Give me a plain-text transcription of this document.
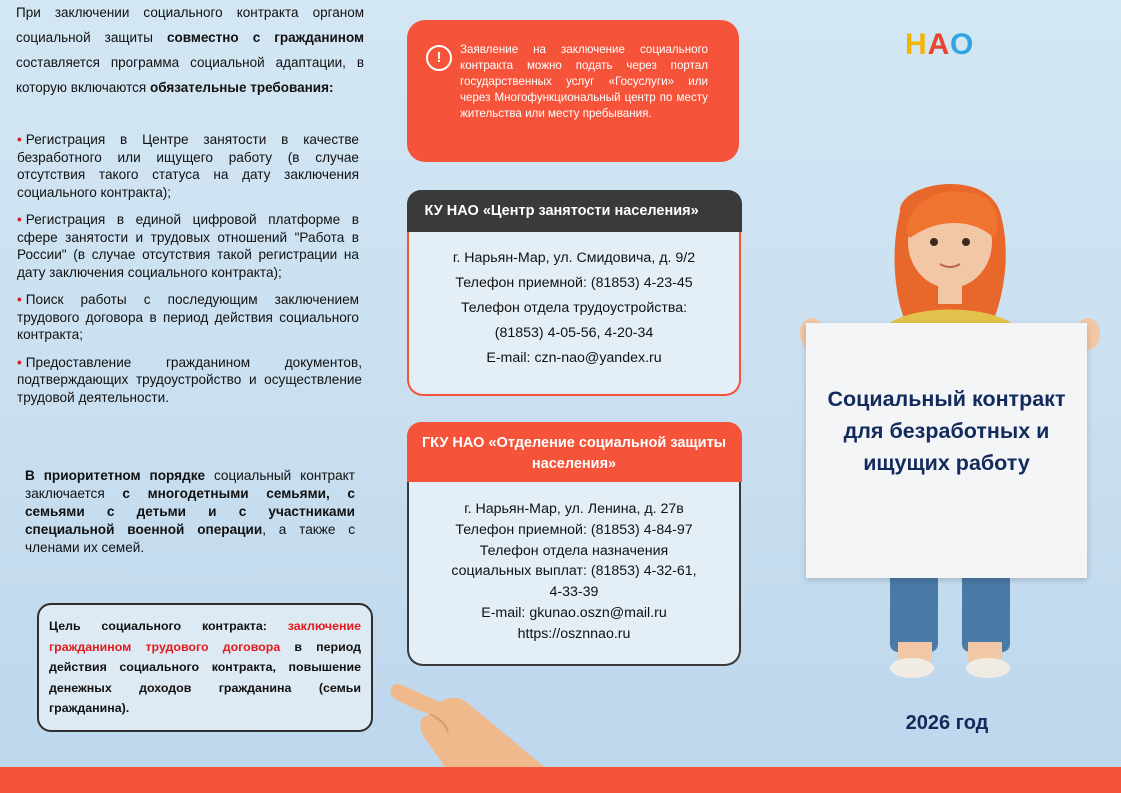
При заключении социального контракта органом социальной защиты совместно с гражданином составляется программа социальной адаптации, в которую включаются обязательные требования:
• Регистрация в Центре занятости в качестве безработного или ищущего работу (в случае отсутствия такого статуса на дату заключения социального контракта);
• Регистрация в единой цифровой платформе в сфере занятости и трудовых отношений "Работа в России" (в случае отсутствия такой регистрации на дату заключения социального контракта);
• Поиск работы с последующим заключением трудового договора в период действия социального контракта;
• Предоставление гражданином документов, подтверждающих трудоустройство и осуществление трудовой деятельности.
В приоритетном порядке социальный контракт заключается с многодетными семьями, с семьями с детьми и с участниками специальной военной операции, а также с членами их семей.
Цель социального контракта: заключение гражданином трудового договора в период действия социального контракта, повышение денежных доходов гражданина (семьи гражданина).
!	Заявление на заключение социального контракта можно подать через портал государственных услуг «Госуслуги» или через Многофункциональный центр по месту жительства или месту пребывания.
КУ НАО «Центр занятости населения»
г. Нарьян-Мар, ул. Смидовича, д. 9/2
Телефон приемной: (81853) 4-23-45
Телефон отдела трудоустройства:
(81853) 4-05-56, 4-20-34
E-mail: czn-nao@yandex.ru
ГКУ НАО «Отделение социальной защиты населения»
г. Нарьян-Мар, ул. Ленина, д. 27в
Телефон приемной: (81853) 4-84-97
Телефон отдела назначения
социальных выплат: (81853) 4-32-61,
4-33-39
E-mail: gkunao.oszn@mail.ru
https://osznnao.ru
НАО
Социальный контракт для безработных и ищущих работу
2026 год
